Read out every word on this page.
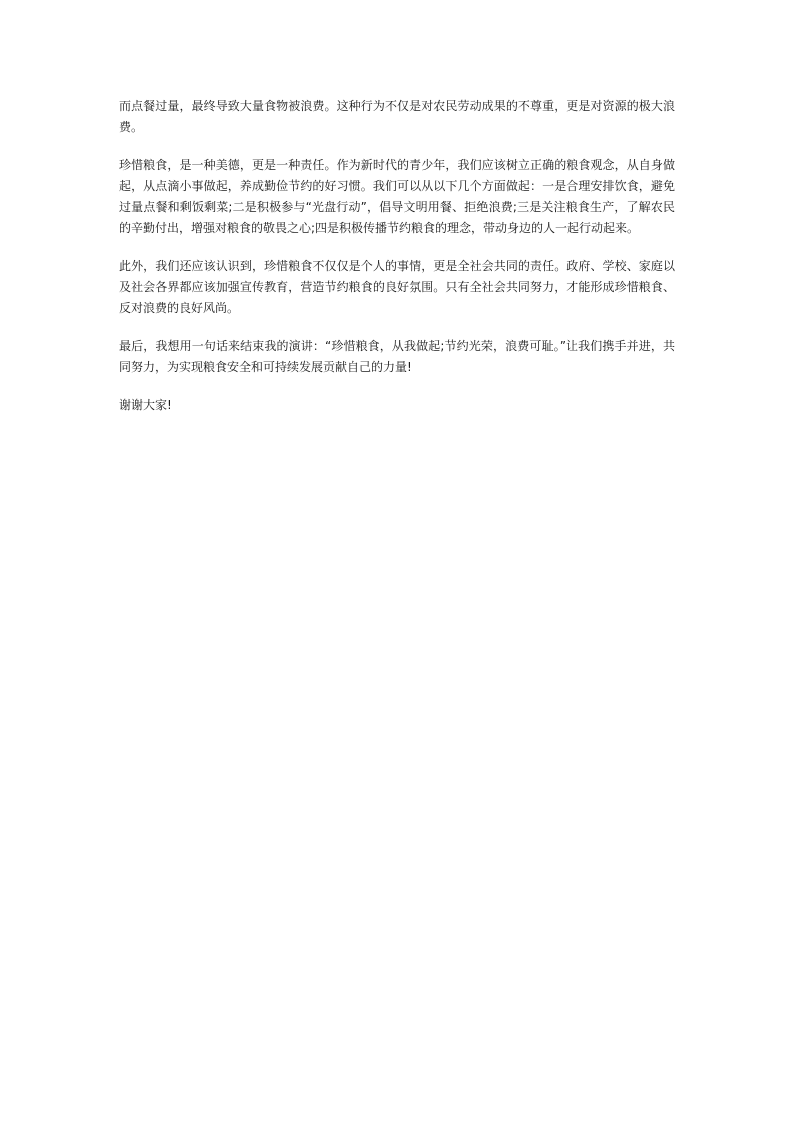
而点餐过量，最终导致大量食物被浪费。这种行为不仅是对农民劳动成果的不尊重，更是对资源的极大浪费。

珍惜粮食，是一种美德，更是一种责任。作为新时代的青少年，我们应该树立正确的粮食观念，从自身做起，从点滴小事做起，养成勤俭节约的好习惯。我们可以从以下几个方面做起：一是合理安排饮食，避免过量点餐和剩饭剩菜;二是积极参与“光盘行动”，倡导文明用餐、拒绝浪费;三是关注粮食生产，了解农民的辛勤付出，增强对粮食的敬畏之心;四是积极传播节约粮食的理念，带动身边的人一起行动起来。

此外，我们还应该认识到，珍惜粮食不仅仅是个人的事情，更是全社会共同的责任。政府、学校、家庭以及社会各界都应该加强宣传教育，营造节约粮食的良好氛围。只有全社会共同努力，才能形成珍惜粮食、反对浪费的良好风尚。

最后，我想用一句话来结束我的演讲：“珍惜粮食，从我做起;节约光荣，浪费可耻。”让我们携手并进，共同努力，为实现粮食安全和可持续发展贡献自己的力量!

谢谢大家!
